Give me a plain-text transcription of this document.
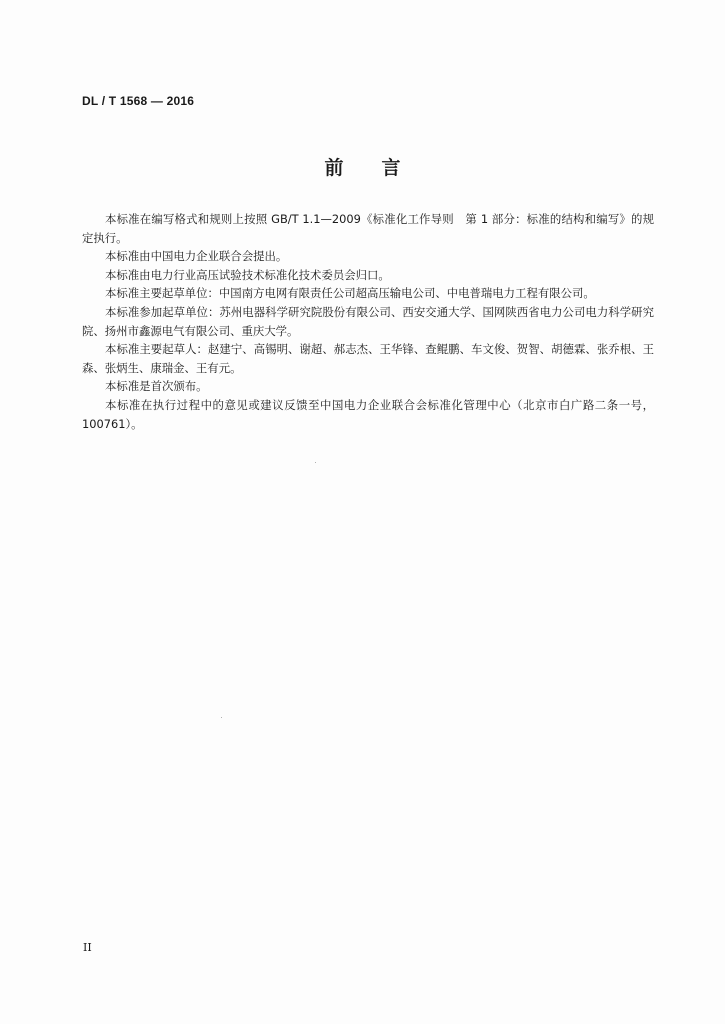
DL / T 1568 — 2016
前言

本标准在编写格式和规则上按照 GB/T 1.1—2009《标准化工作导则　第 1 部分：标准的结构和编写》的规定执行。

本标准由中国电力企业联合会提出。

本标准由电力行业高压试验技术标准化技术委员会归口。

本标准主要起草单位：中国南方电网有限责任公司超高压输电公司、中电普瑞电力工程有限公司。

本标准参加起草单位：苏州电器科学研究院股份有限公司、西安交通大学、国网陕西省电力公司电力科学研究院、扬州市鑫源电气有限公司、重庆大学。

本标准主要起草人：赵建宁、高锡明、谢超、郝志杰、王华锋、查鲲鹏、车文俊、贺智、胡德霖、张乔根、王森、张炳生、康瑞金、王有元。

本标准是首次颁布。

本标准在执行过程中的意见或建议反馈至中国电力企业联合会标准化管理中心（北京市白广路二条一号，100761）。

II
